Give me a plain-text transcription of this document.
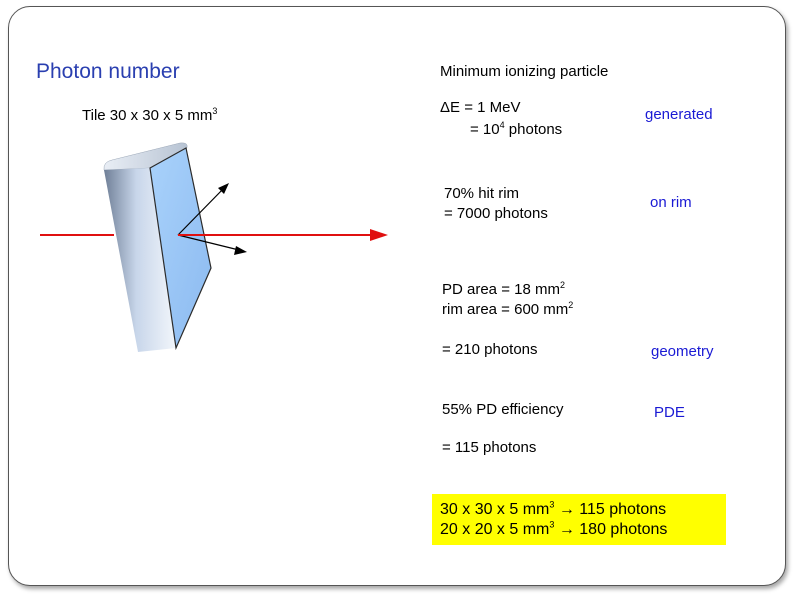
Photon number
Tile 30 x 30 x 5 $mm^3$
Minimum ionizing particle
ΔE = 1 MeV
= $10^4$ photons
generated
70% hit rim
= 7000 photons
on rim
PD area = 18 $mm^2$
rim area = 600 $mm^2$
= 210 photons	geometry
55% PD efficiency
= 115 photons
PDE
30 x 30 x 5 $mm^3 \to 115$ photons
20 x 20 x 5 $mm^3 \to 180$ photons
